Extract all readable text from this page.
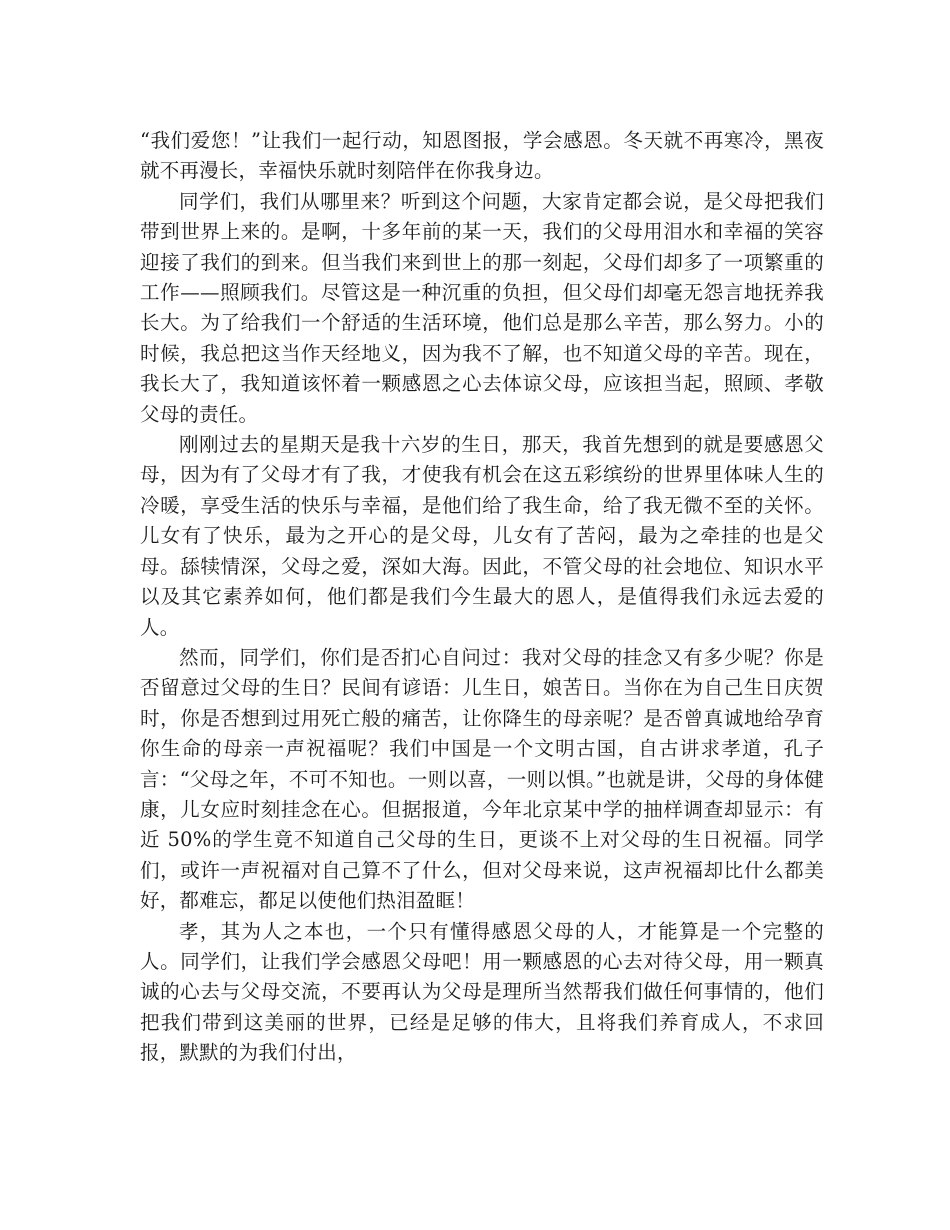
“我们爱您！”让我们一起行动，知恩图报，学会感恩。冬天就不再寒冷，黑夜就不再漫长，幸福快乐就时刻陪伴在你我身边。

同学们，我们从哪里来？听到这个问题，大家肯定都会说，是父母把我们带到世界上来的。是啊，十多年前的某一天，我们的父母用泪水和幸福的笑容迎接了我们的到来。但当我们来到世上的那一刻起，父母们却多了一项繁重的工作——照顾我们。尽管这是一种沉重的负担，但父母们却毫无怨言地抚养我长大。为了给我们一个舒适的生活环境，他们总是那么辛苦，那么努力。小的时候，我总把这当作天经地义，因为我不了解，也不知道父母的辛苦。现在，我长大了，我知道该怀着一颗感恩之心去体谅父母，应该担当起，照顾、孝敬父母的责任。

刚刚过去的星期天是我十六岁的生日，那天，我首先想到的就是要感恩父母，因为有了父母才有了我，才使我有机会在这五彩缤纷的世界里体味人生的冷暖，享受生活的快乐与幸福，是他们给了我生命，给了我无微不至的关怀。儿女有了快乐，最为之开心的是父母，儿女有了苦闷，最为之牵挂的也是父母。舔犊情深，父母之爱，深如大海。因此，不管父母的社会地位、知识水平以及其它素养如何，他们都是我们今生最大的恩人，是值得我们永远去爱的人。

然而，同学们，你们是否扪心自问过：我对父母的挂念又有多少呢？你是否留意过父母的生日？民间有谚语：儿生日，娘苦日。当你在为自己生日庆贺时，你是否想到过用死亡般的痛苦，让你降生的母亲呢？是否曾真诚地给孕育你生命的母亲一声祝福呢？我们中国是一个文明古国，自古讲求孝道，孔子言：“父母之年，不可不知也。一则以喜，一则以惧。”也就是讲，父母的身体健康，儿女应时刻挂念在心。但据报道，今年北京某中学的抽样调查却显示：有近 50%的学生竟不知道自己父母的生日，更谈不上对父母的生日祝福。同学们，或许一声祝福对自己算不了什么，但对父母来说，这声祝福却比什么都美好，都难忘，都足以使他们热泪盈眶！

孝，其为人之本也，一个只有懂得感恩父母的人，才能算是一个完整的人。同学们，让我们学会感恩父母吧！用一颗感恩的心去对待父母，用一颗真诚的心去与父母交流，不要再认为父母是理所当然帮我们做任何事情的，他们把我们带到这美丽的世界，已经是足够的伟大，且将我们养育成人，不求回报，默默的为我们付出，
